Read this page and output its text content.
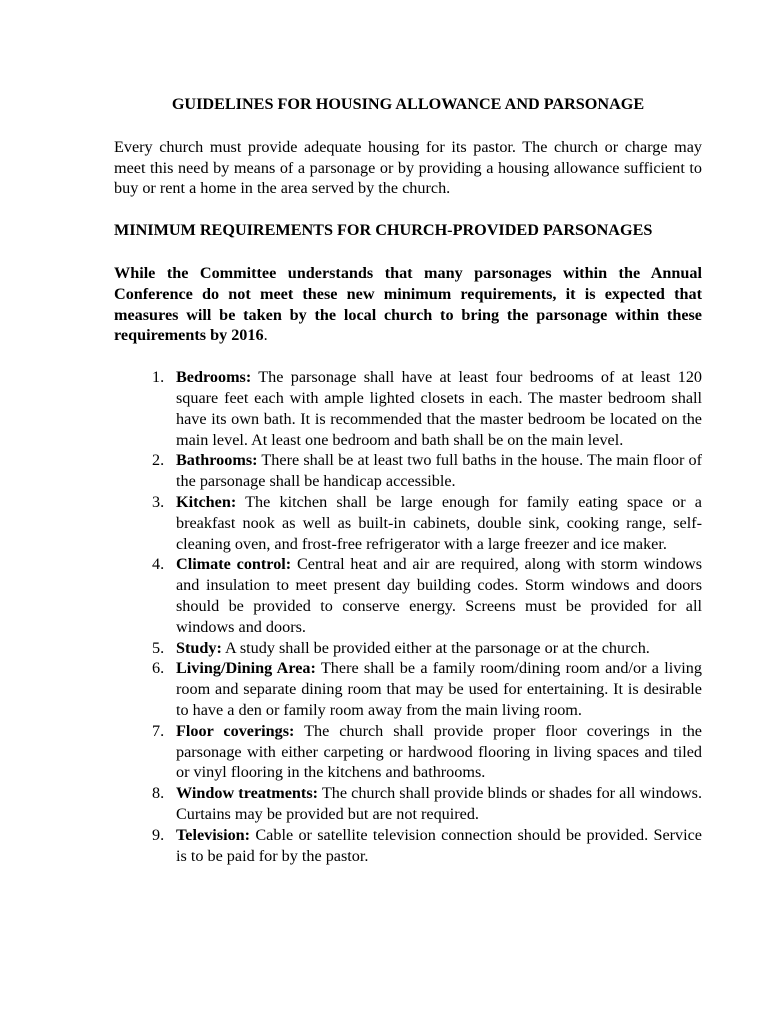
GUIDELINES FOR HOUSING ALLOWANCE AND PARSONAGE

Every church must provide adequate housing for its pastor. The church or charge may meet this need by means of a parsonage or by providing a housing allowance sufficient to buy or rent a home in the area served by the church.

MINIMUM REQUIREMENTS FOR CHURCH-PROVIDED PARSONAGES

While the Committee understands that many parsonages within the Annual Conference do not meet these new minimum requirements, it is expected that measures will be taken by the local church to bring the parsonage within these requirements by 2016.

1. Bedrooms: The parsonage shall have at least four bedrooms of at least 120 square feet each with ample lighted closets in each. The master bedroom shall have its own bath. It is recommended that the master bedroom be located on the main level. At least one bedroom and bath shall be on the main level.
2. Bathrooms: There shall be at least two full baths in the house. The main floor of the parsonage shall be handicap accessible.
3. Kitchen: The kitchen shall be large enough for family eating space or a breakfast nook as well as built-in cabinets, double sink, cooking range, self-cleaning oven, and frost-free refrigerator with a large freezer and ice maker.
4. Climate control: Central heat and air are required, along with storm windows and insulation to meet present day building codes. Storm windows and doors should be provided to conserve energy. Screens must be provided for all windows and doors.
5. Study: A study shall be provided either at the parsonage or at the church.
6. Living/Dining Area: There shall be a family room/dining room and/or a living room and separate dining room that may be used for entertaining. It is desirable to have a den or family room away from the main living room.
7. Floor coverings: The church shall provide proper floor coverings in the parsonage with either carpeting or hardwood flooring in living spaces and tiled or vinyl flooring in the kitchens and bathrooms.
8. Window treatments: The church shall provide blinds or shades for all windows. Curtains may be provided but are not required.
9. Television: Cable or satellite television connection should be provided. Service is to be paid for by the pastor.
